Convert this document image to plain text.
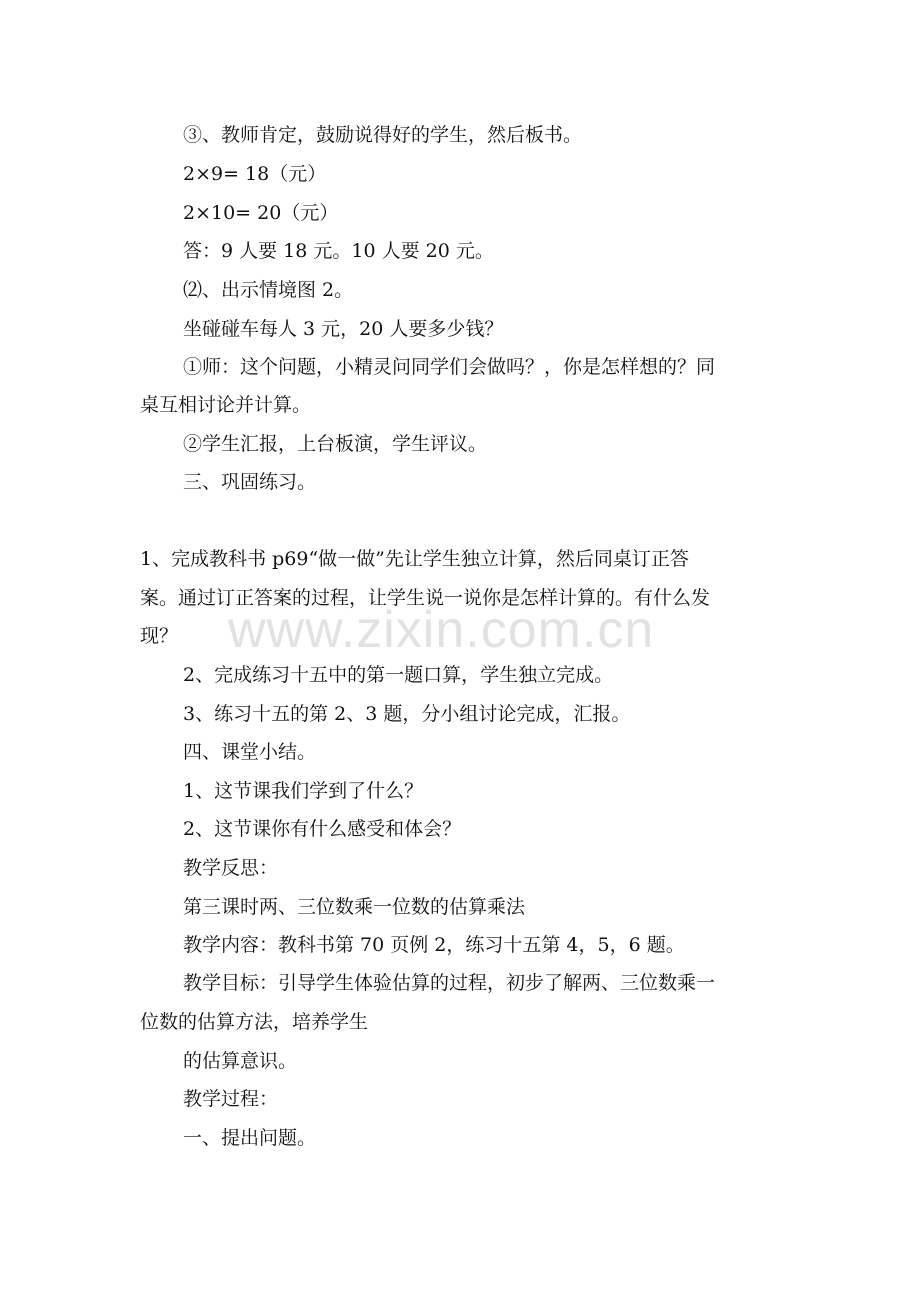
www.zixin.com.cn
③、教师肯定，鼓励说得好的学生，然后板书。
2×9= 18（元）
2×10= 20（元）
答：9 人要 18 元。10 人要 20 元。
⑵、出示情境图 2。
坐碰碰车每人 3 元，20 人要多少钱？
①师：这个问题，小精灵问同学们会做吗？，你是怎样想的？同
桌互相讨论并计算。
②学生汇报，上台板演，学生评议。
三、巩固练习。
1、完成教科书 p69“做一做”先让学生独立计算，然后同桌订正答
案。通过订正答案的过程，让学生说一说你是怎样计算的。有什么发
现？
2、完成练习十五中的第一题口算，学生独立完成。
3、练习十五的第 2、3 题，分小组讨论完成，汇报。
四、课堂小结。
1、这节课我们学到了什么？
2、这节课你有什么感受和体会？
教学反思：
第三课时两、三位数乘一位数的估算乘法
教学内容：教科书第 70 页例 2，练习十五第 4，5，6 题。
教学目标：引导学生体验估算的过程，初步了解两、三位数乘一
位数的估算方法，培养学生
的估算意识。
教学过程：
一、提出问题。
